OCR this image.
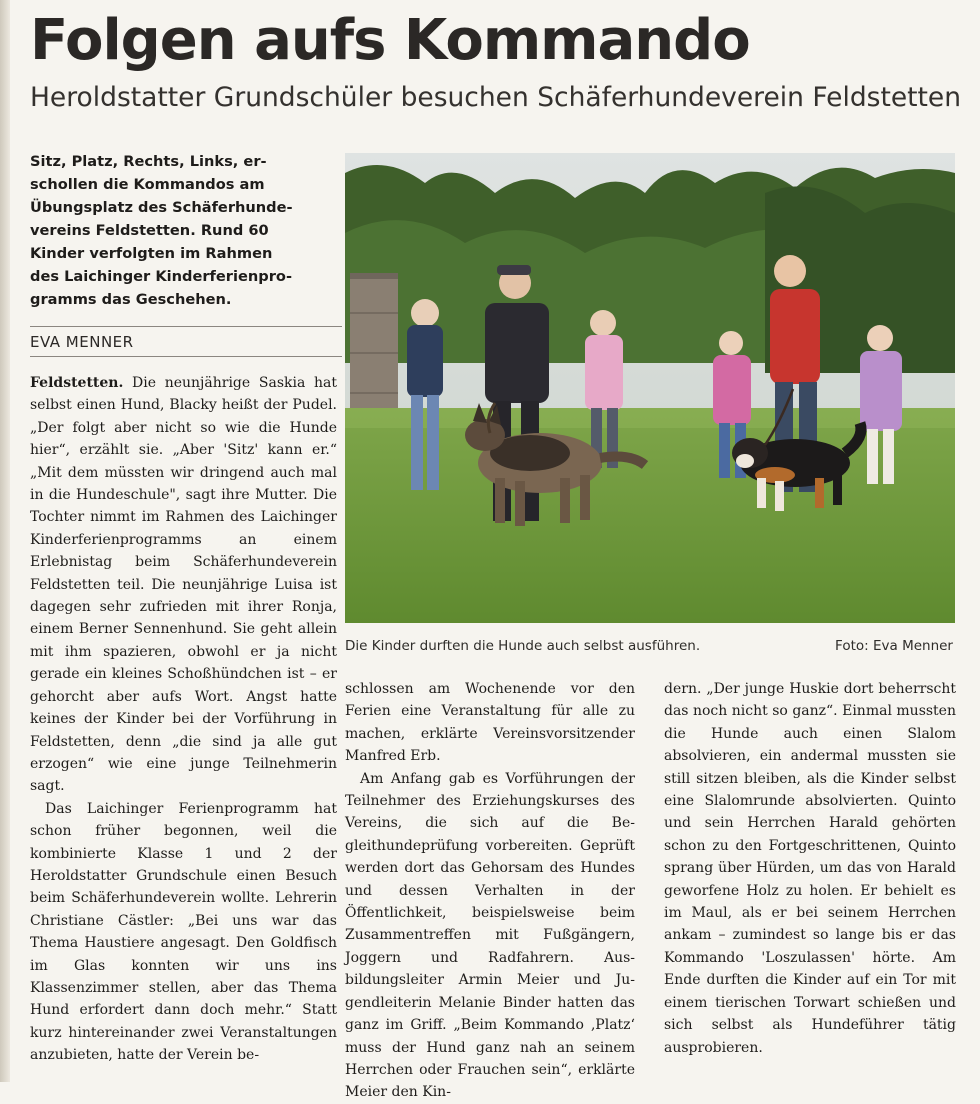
Folgen aufs Kommando
Heroldstatter Grundschüler besuchen Schäferhundeverein Feldstetten
Sitz, Platz, Rechts, Links, er-
schollen die Kommandos am
Übungsplatz des Schäferhunde-
vereins Feldstetten. Rund 60
Kinder verfolgten im Rahmen
des Laichinger Kinderferienpro-
gramms das Geschehen.
EVA MENNER

Feldstetten. Die neunjährige Saskia hat selbst einen Hund, Blacky heißt der Pudel. „Der folgt aber nicht so wie die Hunde hier“, erzählt sie. „Aber 'Sitz' kann er.“ „Mit dem müssten wir dringend auch mal in die Hundeschule", sagt ihre Mutter. Die Tochter nimmt im Rahmen des Laichinger Kinderferienprogramms an einem Erlebnistag beim Schäferhundeverein Feldstetten teil. Die neunjährige Luisa ist dagegen sehr zufrieden mit ihrer Ronja, einem Berner Sennenhund. Sie geht allein mit ihm spazieren, obwohl er ja nicht gerade ein kleines Schoßhündchen ist – er gehorcht aber aufs Wort. Angst hatte keines der Kinder bei der Vorführung in Feldstetten, denn „die sind ja alle gut erzogen“ wie eine junge Teilnehmerin sagt.

Das Laichinger Ferienprogramm hat schon früher begonnen, weil die kombinierte Klasse 1 und 2 der Heroldstatter Grundschule einen Besuch beim Schäferhundeverein wollte. Lehrerin Christiane Cästler: „Bei uns war das Thema Haustiere angesagt. Den Goldfisch im Glas konnten wir uns ins Klassenzimmer stellen, aber das Thema Hund erfordert dann doch mehr.“ Statt kurz hintereinander zwei Veranstaltungen anzubieten, hatte der Verein be-

Die Kinder durften die Hunde auch selbst ausführen.	Foto: Eva Menner

schlossen am Wochenende vor den Ferien eine Veranstaltung für alle zu machen, erklärte Vereinsvorsitzender Manfred Erb.

Am Anfang gab es Vorführungen der Teilnehmer des Erziehungskurses des Vereins, die sich auf die Begleithundeprüfung vorbereiten. Geprüft werden dort das Gehorsam des Hundes und dessen Verhalten in der Öffentlichkeit, beispielsweise beim Zusammentreffen mit Fußgängern, Joggern und Radfahrern. Ausbildungsleiter Armin Meier und Jugendleiterin Melanie Binder hatten das ganz im Griff. „Beim Kommando ‚Platz‘ muss der Hund ganz nah an seinem Herrchen oder Frauchen sein“, erklärte Meier den Kin-

dern. „Der junge Huskie dort beherrscht das noch nicht so ganz“. Einmal mussten die Hunde auch einen Slalom absolvieren, ein andermal mussten sie still sitzen bleiben, als die Kinder selbst eine Slalomrunde absolvierten. Quinto und sein Herrchen Harald gehörten schon zu den Fortgeschrittenen, Quinto sprang über Hürden, um das von Harald geworfene Holz zu holen. Er behielt es im Maul, als er bei seinem Herrchen ankam – zumindest so lange bis er das Kommando 'Loszulassen' hörte. Am Ende durften die Kinder auf ein Tor mit einem tierischen Torwart schießen und sich selbst als Hundeführer tätig ausprobieren.
